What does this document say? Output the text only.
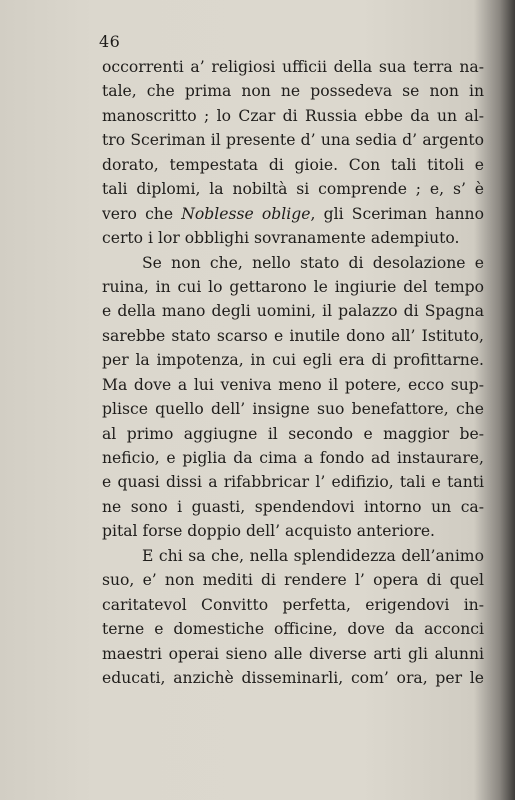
46
occorrenti a’ religiosi ufficii della sua terra na-
tale, che prima non ne possedeva se non in
manoscritto ; lo Czar di Russia ebbe da un al-
tro Sceriman il presente d’ una sedia d’ argento
dorato, tempestata di gioie. Con tali titoli e
tali diplomi, la nobiltà si comprende ; e, s’ è
vero che Noblesse oblige, gli Sceriman hanno
certo i lor obblighi sovranamente adempiuto.
Se non che, nello stato di desolazione e
ruina, in cui lo gettarono le ingiurie del tempo
e della mano degli uomini, il palazzo di Spagna
sarebbe stato scarso e inutile dono all’ Istituto,
per la impotenza, in cui egli era di profittarne.
Ma dove a lui veniva meno il potere, ecco sup-
plisce quello dell’ insigne suo benefattore, che
al primo aggiugne il secondo e maggior be-
neficio, e piglia da cima a fondo ad instaurare,
e quasi dissi a rifabbricar l’ edifizio, tali e tanti
ne sono i guasti, spendendovi intorno un ca-
pital forse doppio dell’ acquisto anteriore.
E chi sa che, nella splendidezza dell’animo
suo, e’ non mediti di rendere l’ opera di quel
caritatevol Convitto perfetta, erigendovi in-
terne e domestiche officine, dove da acconci
maestri operai sieno alle diverse arti gli alunni
educati, anzichè disseminarli, com’ ora, per le
